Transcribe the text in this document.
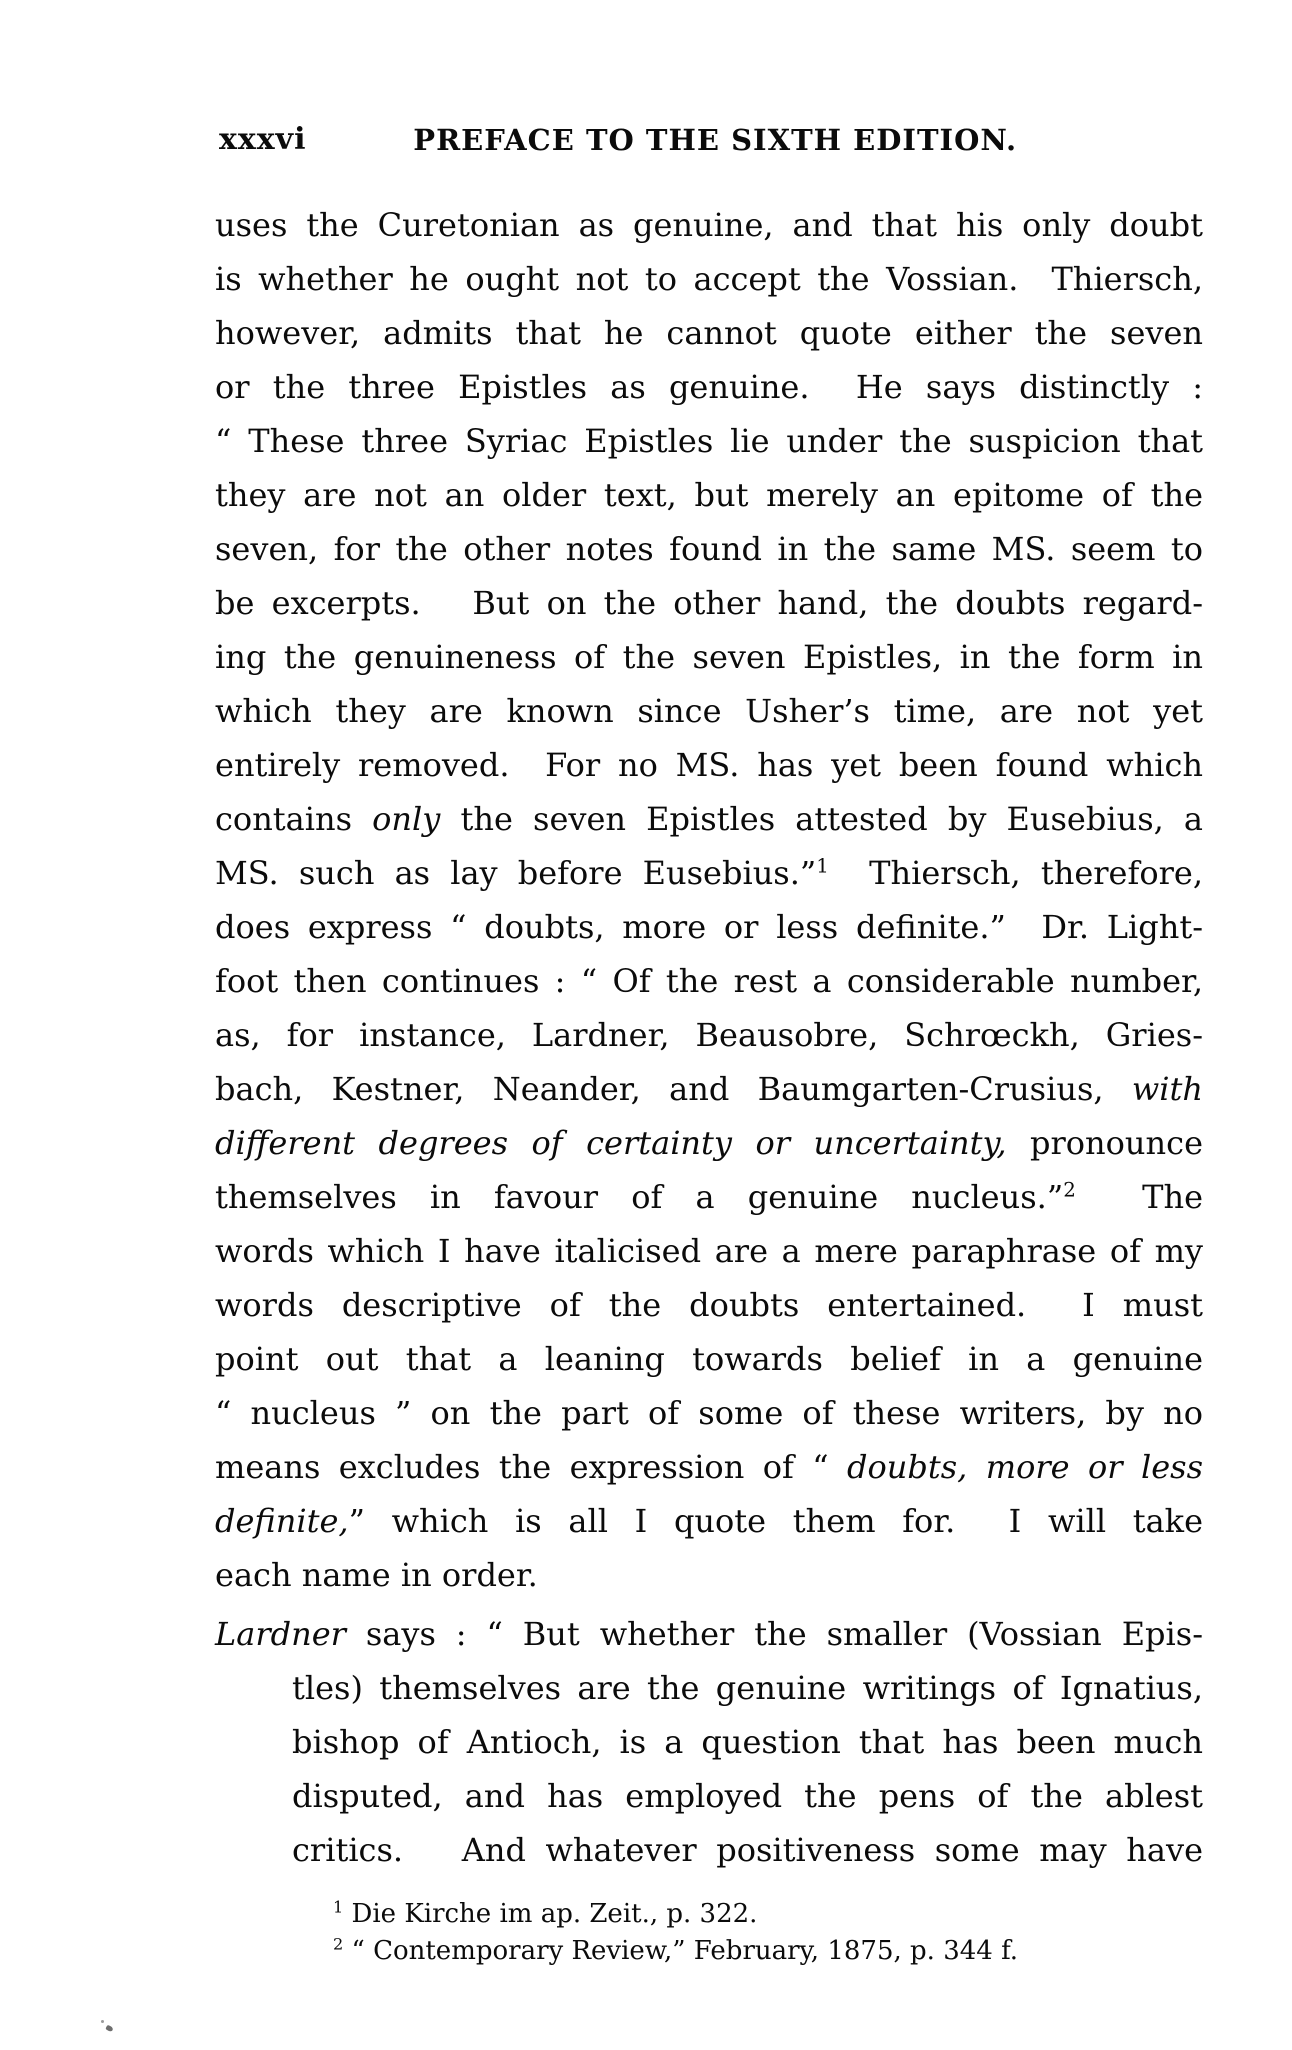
xxxvi	PREFACE TO THE SIXTH EDITION.
uses the Curetonian as genuine, and that his only doubt
is whether he ought not to accept the Vossian.  Thiersch,
however, admits that he cannot quote either the seven
or the three Epistles as genuine.  He says distinctly :
“ These three Syriac Epistles lie under the suspicion that
they are not an older text, but merely an epitome of the
seven, for the other notes found in the same MS. seem to
be excerpts.   But on the other hand, the doubts regard-
ing the genuineness of the seven Epistles, in the form in
which they are known since Usher’s time, are not yet
entirely removed.  For no MS. has yet been found which
contains only the seven Epistles attested by Eusebius, a
MS. such as lay before Eusebius.”$^1$  Thiersch, therefore,
does express “ doubts, more or less definite.”  Dr. Light-
foot then continues : “ Of the rest a considerable number,
as, for instance, Lardner, Beausobre, Schrœckh, Gries-
bach, Kestner, Neander, and Baumgarten-Crusius, with
different degrees of certainty or uncertainty, pronounce
themselves in favour of a genuine nucleus.”$^2$  The
words which I have italicised are a mere paraphrase of my
words descriptive of the doubts entertained.  I must
point out that a leaning towards belief in a genuine
“ nucleus ” on the part of some of these writers, by no
means excludes the expression of “ doubts, more or less
definite,” which is all I quote them for.  I will take
each name in order.
Lardner says : “ But whether the smaller (Vossian Epis-
tles) themselves are the genuine writings of Ignatius,
bishop of Antioch, is a question that has been much
disputed, and has employed the pens of the ablest
critics.   And whatever positiveness some may have
$^1$ Die Kirche im ap. Zeit., p. 322.
$^2$ “ Contemporary Review,” February, 1875, p. 344 f.
